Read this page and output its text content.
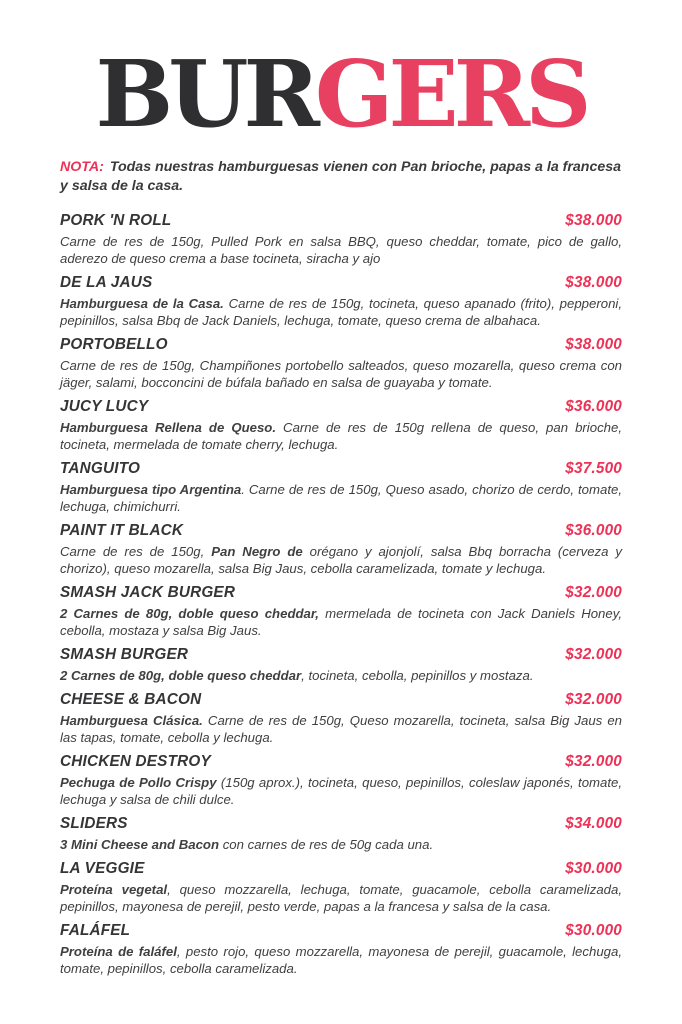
BURGERS

NOTA: Todas nuestras hamburguesas vienen con Pan brioche, papas a la francesa y salsa de la casa.

PORK 'N ROLL	$38.000

Carne de res de 150g, Pulled Pork en salsa BBQ, queso cheddar, tomate, pico de gallo, aderezo de queso crema a base tocineta, siracha y ajo

DE LA JAUS	$38.000

Hamburguesa de la Casa. Carne de res de 150g, tocineta, queso apanado (frito), pepperoni, pepinillos, salsa Bbq de Jack Daniels, lechuga, tomate, queso crema de albahaca.

PORTOBELLO	$38.000

Carne de res de 150g, Champiñones portobello salteados, queso mozarella, queso crema con jäger, salami, bocconcini de búfala bañado en salsa de guayaba y tomate.

JUCY LUCY	$36.000

Hamburguesa Rellena de Queso. Carne de res de 150g rellena de queso, pan brioche, tocineta, mermelada de tomate cherry, lechuga.

TANGUITO	$37.500

Hamburguesa tipo Argentina. Carne de res de 150g, Queso asado, chorizo de cerdo, tomate, lechuga, chimichurri.

PAINT IT BLACK	$36.000

Carne de res de 150g, Pan Negro de orégano y ajonjolí, salsa Bbq borracha (cerveza y chorizo), queso mozarella, salsa Big Jaus, cebolla caramelizada, tomate y lechuga.

SMASH JACK BURGER	$32.000

2 Carnes de 80g, doble queso cheddar, mermelada de tocineta con Jack Daniels Honey, cebolla, mostaza y salsa Big Jaus.

SMASH BURGER	$32.000

2 Carnes de 80g, doble queso cheddar, tocineta, cebolla, pepinillos y mostaza.

CHEESE & BACON	$32.000

Hamburguesa Clásica. Carne de res de 150g, Queso mozarella, tocineta, salsa Big Jaus en las tapas, tomate, cebolla y lechuga.

CHICKEN DESTROY	$32.000

Pechuga de Pollo Crispy (150g aprox.), tocineta, queso, pepinillos, coleslaw japonés, tomate, lechuga y salsa de chili dulce.

SLIDERS	$34.000

3 Mini Cheese and Bacon con carnes de res de 50g cada una.

LA VEGGIE	$30.000

Proteína vegetal, queso mozzarella, lechuga, tomate, guacamole, cebolla caramelizada, pepinillos, mayonesa de perejil, pesto verde, papas a la francesa y salsa de la casa.

FALÁFEL	$30.000

Proteína de faláfel, pesto rojo, queso mozzarella, mayonesa de perejil, guacamole, lechuga, tomate, pepinillos, cebolla caramelizada.
